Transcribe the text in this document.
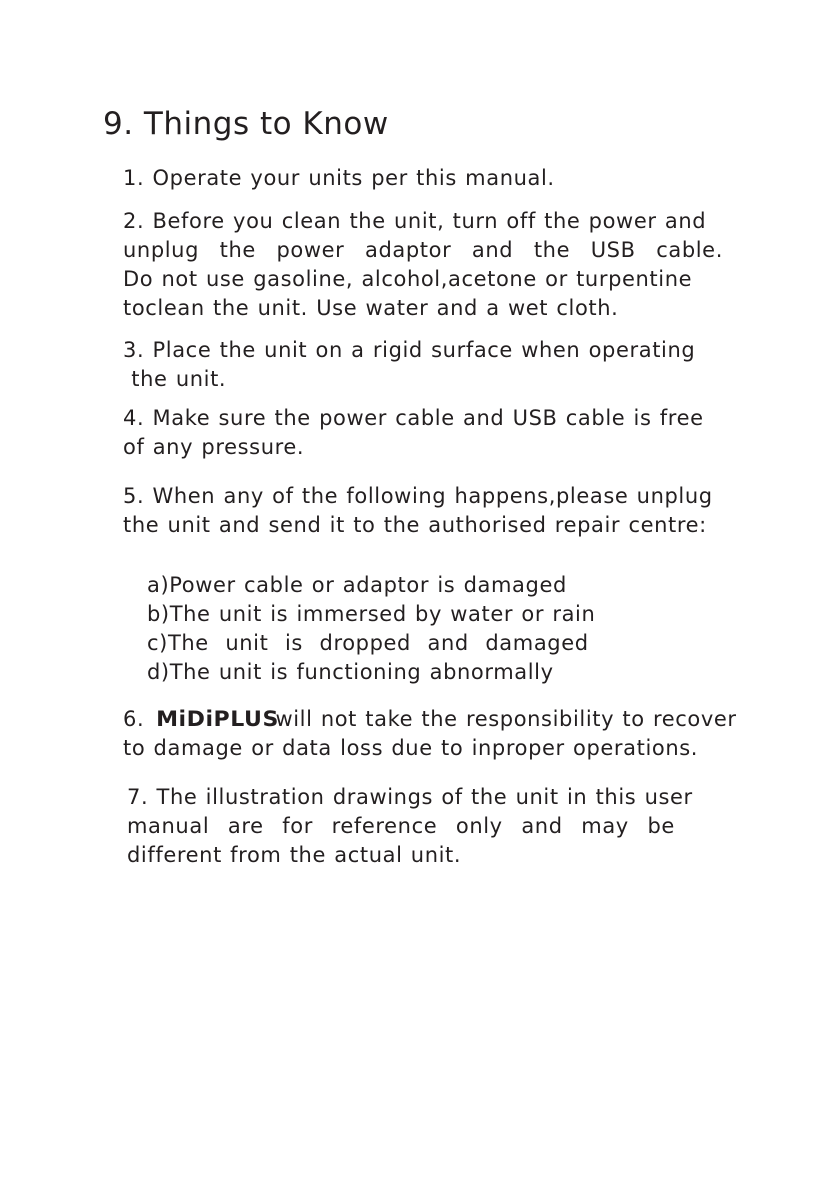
9. Things to Know
1. Operate your units per this manual.
2. Before you clean the unit, turn off the power and
unplug the power adaptor and the USB cable.
Do not use gasoline, alcohol,acetone or turpentine
toclean the unit. Use water and a wet cloth.
3. Place the unit on a rigid surface when operating
the unit.
4. Make sure the power cable and USB cable is free
of any pressure.
5. When any of the following happens,please unplug
the unit and send it to the authorised repair centre:
a)Power cable or adaptor is damaged
b)The unit is immersed by water or rain
c)The  unit  is  dropped  and  damaged
d)The unit is functioning abnormally
6. MiDiPLUSwill not take the responsibility to recover
to damage or data loss due to inproper operations.
7. The illustration drawings of the unit in this user
manual are for reference only and may be
different from the actual unit.
